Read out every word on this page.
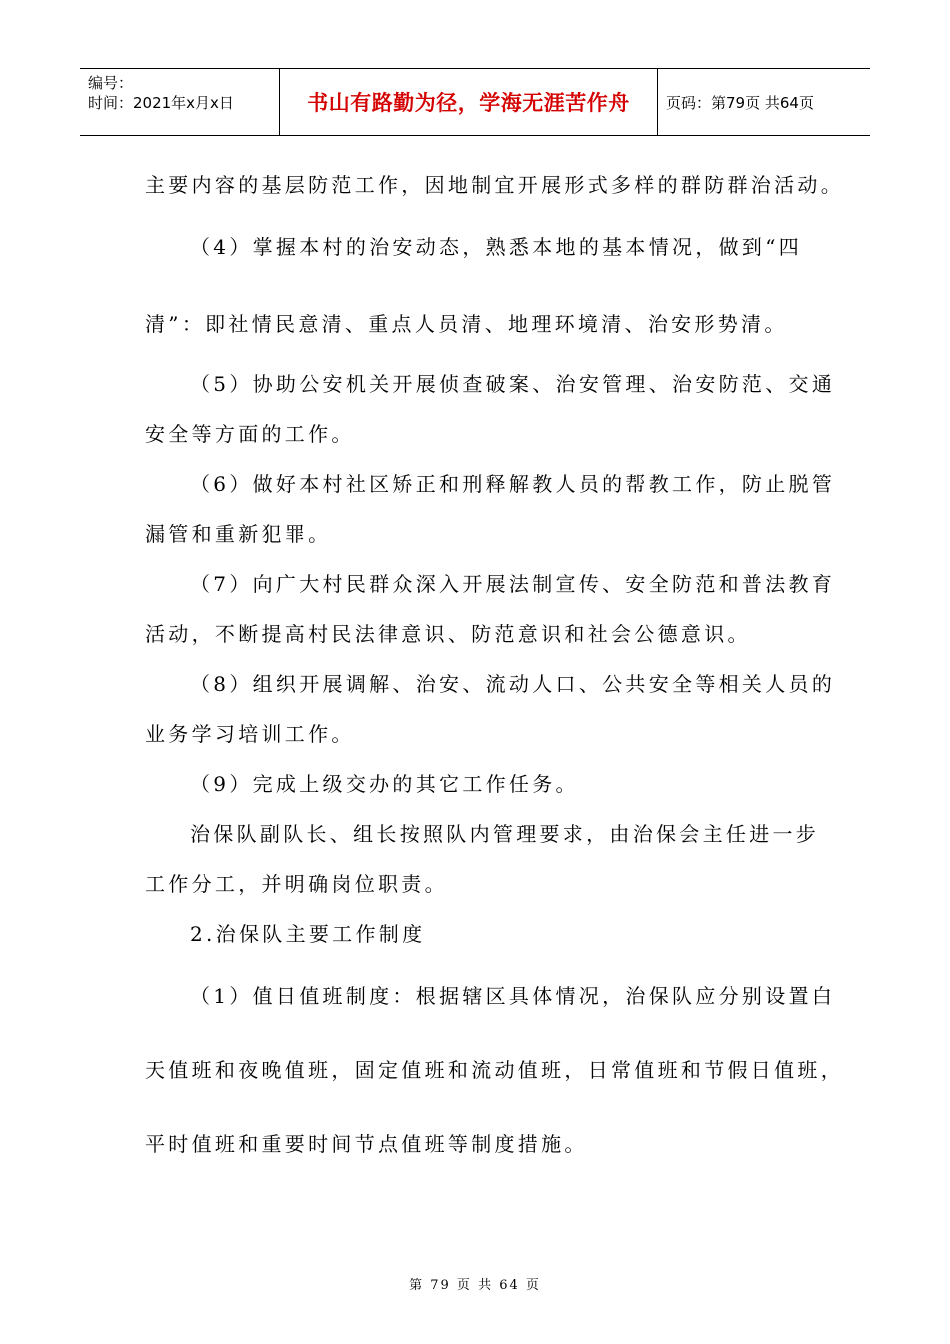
编号：
时间：2021年x月x日	书山有路勤为径，学海无涯苦作舟 页码：第79页 共64页
主要内容的基层防范工作，因地制宜开展形式多样的群防群治活动。
（4）掌握本村的治安动态，熟悉本地的基本情况，做到“四
清”：即社情民意清、重点人员清、地理环境清、治安形势清。
（5）协助公安机关开展侦查破案、治安管理、治安防范、交通
安全等方面的工作。
（6）做好本村社区矫正和刑释解教人员的帮教工作，防止脱管
漏管和重新犯罪。
（7）向广大村民群众深入开展法制宣传、安全防范和普法教育
活动，不断提高村民法律意识、防范意识和社会公德意识。
（8）组织开展调解、治安、流动人口、公共安全等相关人员的
业务学习培训工作。
（9）完成上级交办的其它工作任务。
治保队副队长、组长按照队内管理要求，由治保会主任进一步
工作分工，并明确岗位职责。
2.治保队主要工作制度
（1）值日值班制度：根据辖区具体情况，治保队应分别设置白
天值班和夜晚值班，固定值班和流动值班，日常值班和节假日值班，
平时值班和重要时间节点值班等制度措施。
第 79 页 共 64 页
